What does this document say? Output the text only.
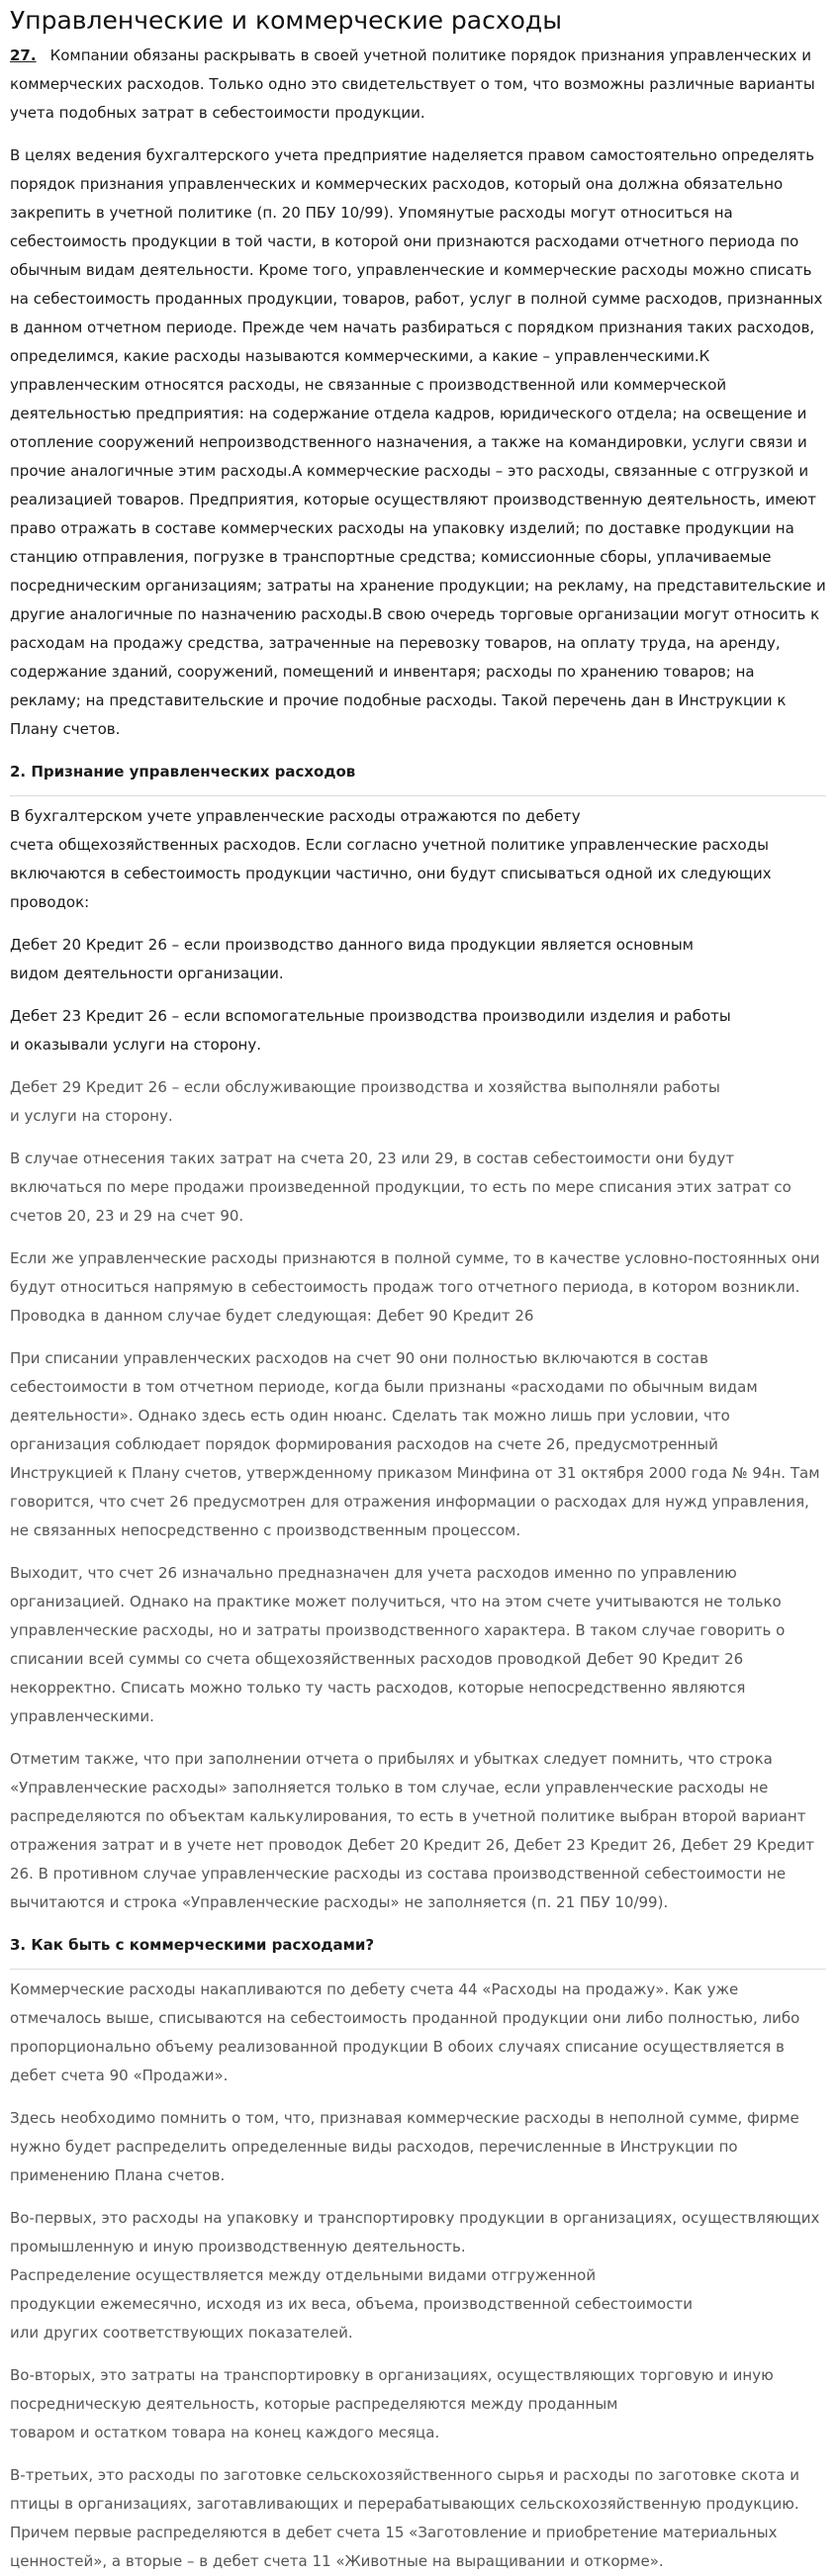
Управленческие и коммерческие расходы

27. Компании обязаны раскрывать в своей учетной политике порядок признания управленческих и коммерческих расходов. Только одно это свидетельствует о том, что возможны различные варианты учета подобных затрат в себестоимости продукции.

В целях ведения бухгалтерского учета предприятие наделяется правом самостоятельно определять порядок признания управленческих и коммерческих расходов, который она должна обязательно закрепить в учетной политике (п. 20 ПБУ 10/99). Упомянутые расходы могут относиться на себестоимость продукции в той части, в которой они признаются расходами отчетного периода по обычным видам деятельности. Кроме того, управленческие и коммерческие расходы можно списать на себестоимость проданных продукции, товаров, работ, услуг в полной сумме расходов, признанных в данном отчетном периоде. Прежде чем начать разбираться с порядком признания таких расходов, определимся, какие расходы называются коммерческими, а какие – управленческими.К управленческим относятся расходы, не связанные с производственной или коммерческой деятельностью предприятия: на содержание отдела кадров, юридического отдела; на освещение и отопление сооружений непроизводственного назначения, а также на командировки, услуги связи и прочие аналогичные этим расходы.А коммерческие расходы – это расходы, связанные с отгрузкой и реализацией товаров. Предприятия, которые осуществляют производственную деятельность, имеют право отражать в составе коммерческих расходы на упаковку изделий; по доставке продукции на станцию отправления, погрузке в транспортные средства; комиссионные сборы, уплачиваемые посредническим организациям; затраты на хранение продукции; на рекламу, на представительские и другие аналогичные по назначению расходы.В свою очередь торговые организации могут относить к расходам на продажу средства, затраченные на перевозку товаров, на оплату труда, на аренду, содержание зданий, сооружений, помещений и инвентаря; расходы по хранению товаров; на рекламу; на представительские и прочие подобные расходы. Такой перечень дан в Инструкции к Плану счетов.

2. Признание управленческих расходов

В бухгалтерском учете управленческие расходы отражаются по дебету
счета общехозяйственных расходов. Если согласно учетной политике управленческие расходы включаются в себестоимость продукции частично, они будут списываться одной их следующих проводок:

Дебет 20 Кредит 26 – если производство данного вида продукции является основным
видом деятельности организации.

Дебет 23 Кредит 26 – если вспомогательные производства производили изделия и работы
и оказывали услуги на сторону.

Дебет 29 Кредит 26 – если обслуживающие производства и хозяйства выполняли работы
и услуги на сторону.

В случае отнесения таких затрат на счета 20, 23 или 29, в состав себестоимости они будут включаться по мере продажи произведенной продукции, то есть по мере списания этих затрат со счетов 20, 23 и 29 на счет 90.

Если же управленческие расходы признаются в полной сумме, то в качестве условно-постоянных они будут относиться напрямую в себестоимость продаж того отчетного периода, в котором возникли. Проводка в данном случае будет следующая: Дебет 90 Кредит 26

При списании управленческих расходов на счет 90 они полностью включаются в состав себестоимости в том отчетном периоде, когда были признаны «расходами по обычным видам деятельности». Однако здесь есть один нюанс. Сделать так можно лишь при условии, что организация соблюдает порядок формирования расходов на счете 26, предусмотренный Инструкцией к Плану счетов, утвержденному приказом Минфина от 31 октября 2000 года № 94н. Там говорится, что счет 26 предусмотрен для отражения информации о расходах для нужд управления, не связанных непосредственно с производственным процессом.

Выходит, что счет 26 изначально предназначен для учета расходов именно по управлению организацией. Однако на практике может получиться, что на этом счете учитываются не только управленческие расходы, но и затраты производственного характера. В таком случае говорить о списании всей суммы со счета общехозяйственных расходов проводкой Дебет 90 Кредит 26 некорректно. Списать можно только ту часть расходов, которые непосредственно являются управленческими.

Отметим также, что при заполнении отчета о прибылях и убытках следует помнить, что строка «Управленческие расходы» заполняется только в том случае, если управленческие расходы не распределяются по объектам калькулирования, то есть в учетной политике выбран второй вариант отражения затрат и в учете нет проводок Дебет 20 Кредит 26, Дебет 23 Кредит 26, Дебет 29 Кредит 26. В противном случае управленческие расходы из состава производственной себестоимости не вычитаются и строка «Управленческие расходы» не заполняется (п. 21 ПБУ 10/99).

3. Как быть с коммерческими расходами?

Коммерческие расходы накапливаются по дебету счета 44 «Расходы на продажу». Как уже отмечалось выше, списываются на себестоимость проданной продукции они либо полностью, либо пропорционально объему реализованной продукции В обоих случаях списание осуществляется в дебет счета 90 «Продажи».

Здесь необходимо помнить о том, что, признавая коммерческие расходы в неполной сумме, фирме нужно будет распределить определенные виды расходов, перечисленные в Инструкции по применению Плана счетов.

Во-первых, это расходы на упаковку и транспортировку продукции в организациях, осуществляющих промышленную и иную производственную деятельность.
Распределение осуществляется между отдельными видами отгруженной
продукции ежемесячно, исходя из их веса, объема, производственной себестоимости
или других соответствующих показателей.

Во-вторых, это затраты на транспортировку в организациях, осуществляющих торговую и иную посредническую деятельность, которые распределяются между проданным
товаром и остатком товара на конец каждого месяца.

В-третьих, это расходы по заготовке сельскохозяйственного сырья и расходы по заготовке скота и птицы в организациях, заготавливающих и перерабатывающих сельскохозяйственную продукцию. Причем первые распределяются в дебет счета 15 «Заготовление и приобретение материальных ценностей», а вторые – в дебет счета 11 «Животные на выращивании и откорме».
